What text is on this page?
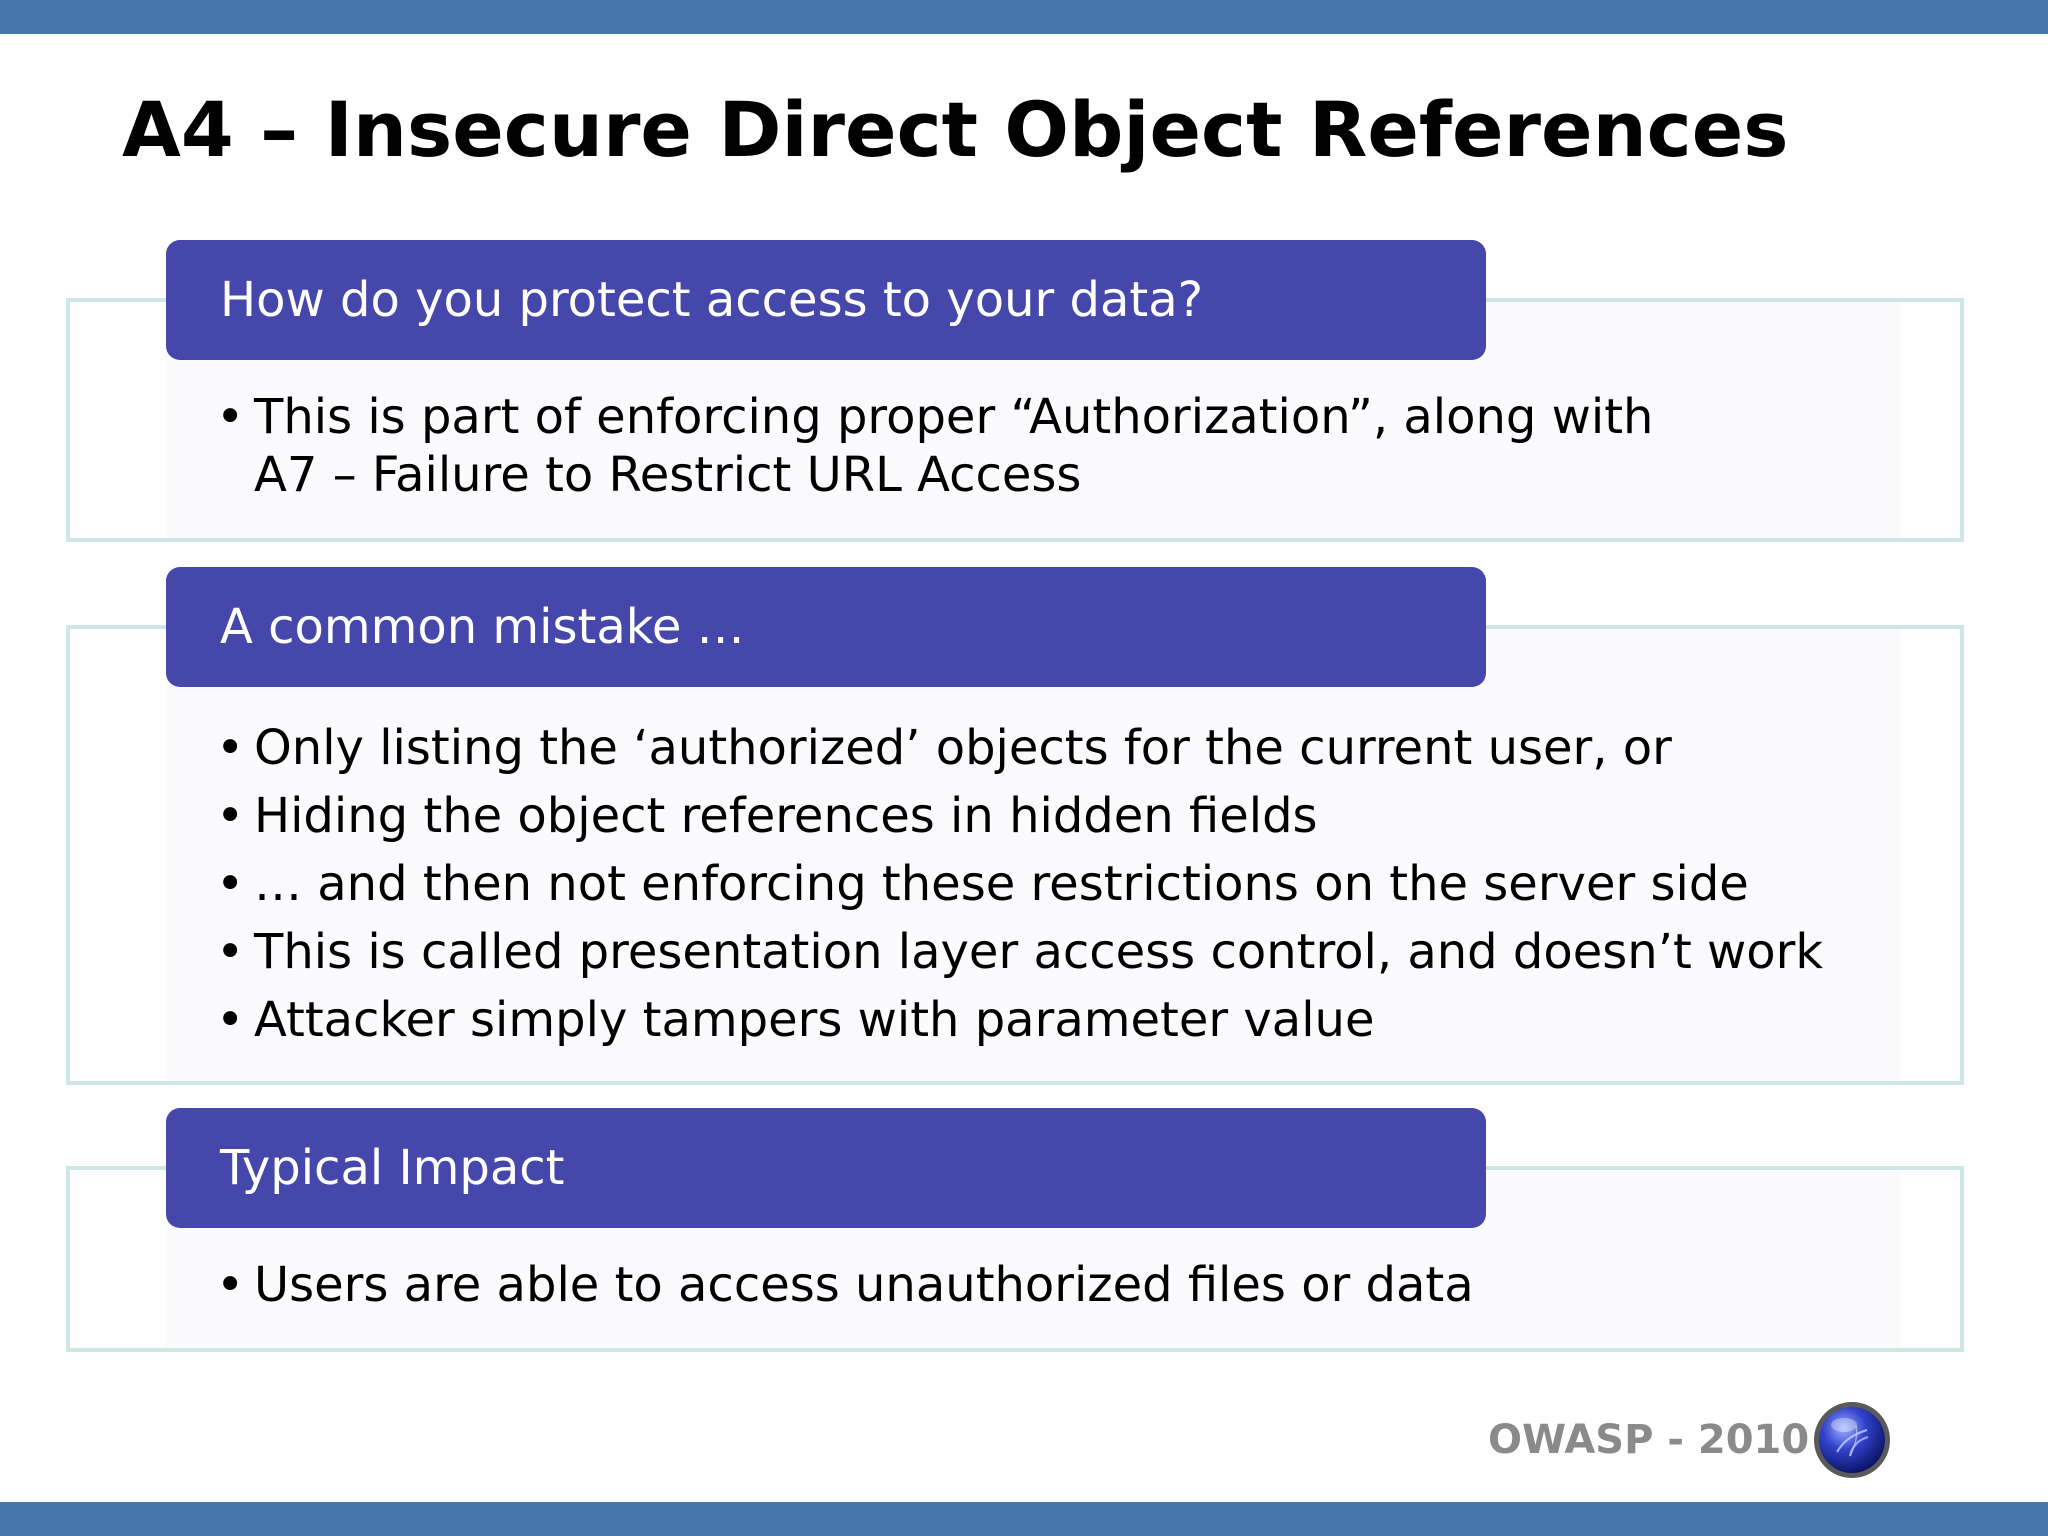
A4 – Insecure Direct Object References
How do you protect access to your data?
• This is part of enforcing proper “Authorization”, along with
A7 – Failure to Restrict URL Access
A common mistake …
• Only listing the ‘authorized’ objects for the current user, or
• Hiding the object references in hidden fields
• … and then not enforcing these restrictions on the server side
• This is called presentation layer access control, and doesn’t work
• Attacker simply tampers with parameter value
Typical Impact
• Users are able to access unauthorized files or data
OWASP - 2010
